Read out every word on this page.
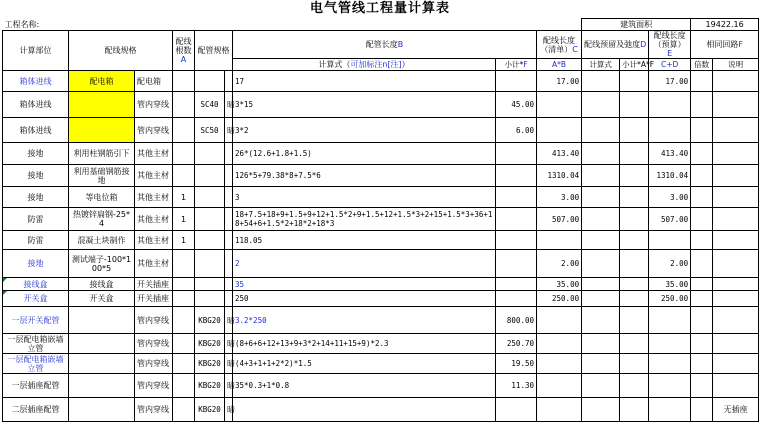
电气管线工程量计算表
工程名称:									建筑面积			19422.16	
计算部位	配线规格		配线
根数
A	配管规格		配管长度B		配线长度
（清单）C	配线预留及弛度D		配线长度
（预算）E	相同回路F	
						计算式（可加标注n[注]）	小计*F	A*B	计算式	小计*A*F	C+D	倍数	说明
箱体进线	配电箱	配电箱				17		17.00			17.00		
箱体进线		管内穿线		SC40	暗	3*15	45.00						
箱体进线		管内穿线		SC50	暗	3*2	6.00						
接地	利用柱钢筋引下	其他主材				26*(12.6+1.8+1.5)		413.40			413.40		
接地	利用基础钢筋接地	其他主材				126*5+79.38*8+7.5*6		1310.04			1310.04		
接地	等电位箱	其他主材	1			3		3.00			3.00		
防雷	热镀锌扁钢-25*4	其他主材	1			18+7.5+18+9+1.5+9+12+1.5*2+9+1.5+12+1.5*3+2+15+1.5*3+36+18+54+6+1.5*2+18*2+18*3		507.00			507.00		
防雷	混凝土块制作	其他主材	1			118.05							
接地	测试端子-100*100*5	其他主材				2		2.00			2.00		
接线盒	接线盒	开关插座				35		35.00			35.00		
开关盒	开关盒	开关插座				250		250.00			250.00		
一层开关配管		管内穿线		KBG20	暗	3.2*250	800.00						
一层配电箱嵌墙立管		管内穿线		KBG20	暗	(8+6+6+12+13+9+3*2+14+11+15+9)*2.3	250.70						
一层配电箱嵌墙立管		管内穿线		KBG20	暗	(4+3+1+1+2*2)*1.5	19.50						
一层插座配管		管内穿线		KBG20	暗	35*0.3+1*0.8	11.30						
二层插座配管		管内穿线		KBG20	暗								无插座
